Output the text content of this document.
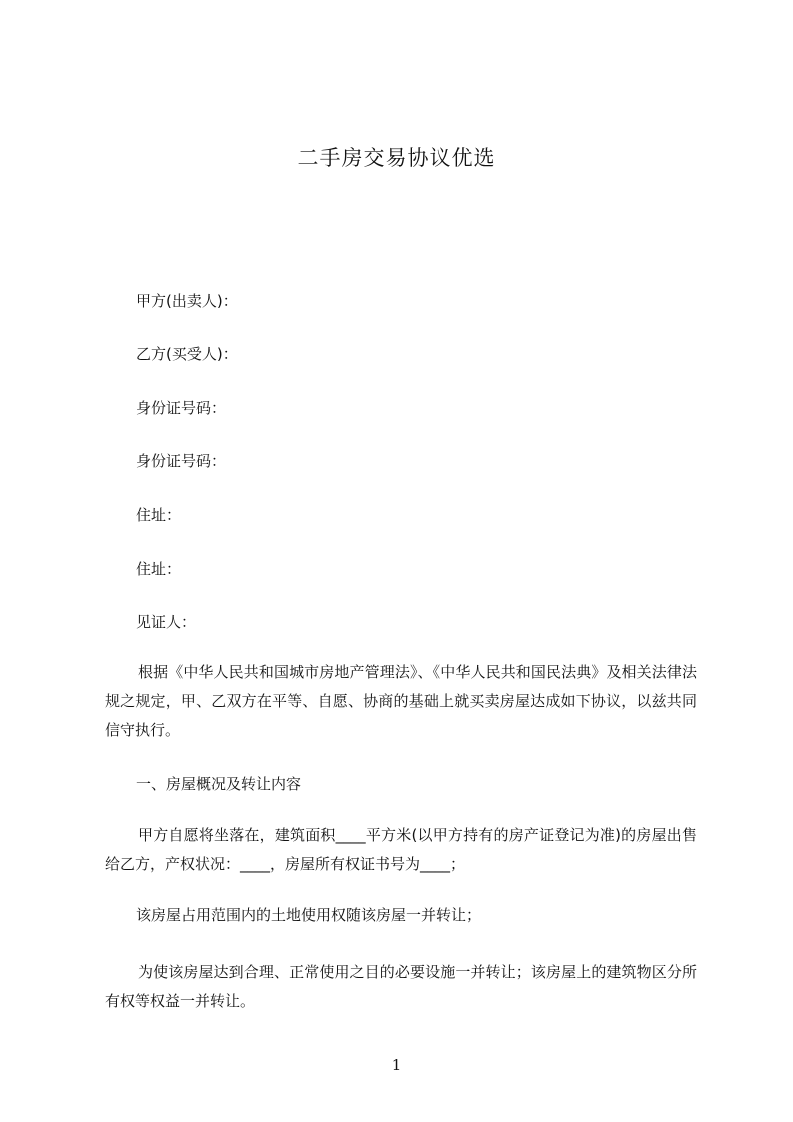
二手房交易协议优选
甲方(出卖人)：
乙方(买受人)：
身份证号码：
身份证号码：
住址：
住址：
见证人：
根据《中华人民共和国城市房地产管理法》、《中华人民共和国民法典》及相关法律法规之规定，甲、乙双方在平等、自愿、协商的基础上就买卖房屋达成如下协议，以兹共同信守执行。
一、房屋概况及转让内容
甲方自愿将坐落在，建筑面积____平方米(以甲方持有的房产证登记为准)的房屋出售给乙方，产权状况：____，房屋所有权证书号为____；
该房屋占用范围内的土地使用权随该房屋一并转让；
为使该房屋达到合理、正常使用之目的必要设施一并转让；该房屋上的建筑物区分所有权等权益一并转让。
1
